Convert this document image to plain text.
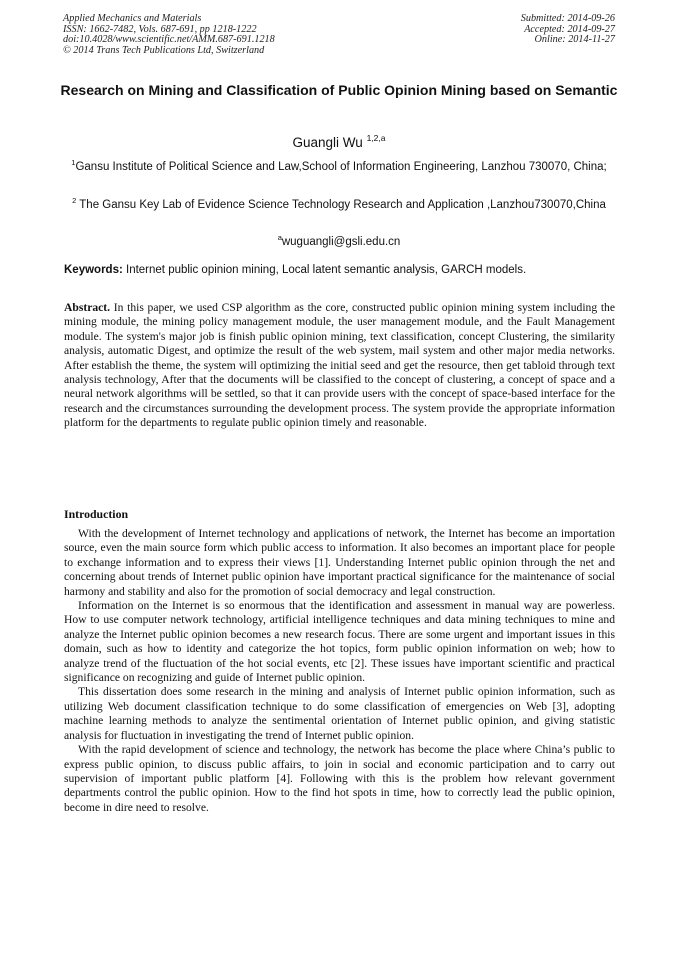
Applied Mechanics and Materials
ISSN: 1662-7482, Vols. 687-691, pp 1218-1222
doi:10.4028/www.scientific.net/AMM.687-691.1218
© 2014 Trans Tech Publications Ltd, Switzerland
Submitted: 2014-09-26
Accepted: 2014-09-27
Online: 2014-11-27
Research on Mining and Classification of Public Opinion Mining based on Semantic
Guangli Wu $^{1,2,a}$
$^1$Gansu Institute of Political Science and Law,School of Information Engineering, Lanzhou 730070, China;
$^2$ The Gansu Key Lab of Evidence Science Technology Research and Application ,Lanzhou730070,China
$^a$wuguangli@gsli.edu.cn
Keywords: Internet public opinion mining, Local latent semantic analysis, GARCH models.
Abstract. In this paper, we used CSP algorithm as the core, constructed public opinion mining system including the mining module, the mining policy management module, the user management module, and the Fault Management module. The system's major job is finish public opinion mining, text classification, concept Clustering, the similarity analysis, automatic Digest, and optimize the result of the web system, mail system and other major media networks. After establish the theme, the system will optimizing the initial seed and get the resource, then get tabloid through text analysis technology, After that the documents will be classified to the concept of clustering, a concept of space and a neural network algorithms will be settled, so that it can provide users with the concept of space-based interface for the research and the circumstances surrounding the development process. The system provide the appropriate information platform for the departments to regulate public opinion timely and reasonable.
Introduction

With the development of Internet technology and applications of network, the Internet has become an importation source, even the main source form which public access to information. It also becomes an important place for people to exchange information and to express their views [1]. Understanding Internet public opinion through the net and concerning about trends of Internet public opinion have important practical significance for the maintenance of social harmony and stability and also for the promotion of social democracy and legal construction.

Information on the Internet is so enormous that the identification and assessment in manual way are powerless. How to use computer network technology, artificial intelligence techniques and data mining techniques to mine and analyze the Internet public opinion becomes a new research focus. There are some urgent and important issues in this domain, such as how to identity and categorize the hot topics, form public opinion information on web; how to analyze trend of the fluctuation of the hot social events, etc [2]. These issues have important scientific and practical significance on recognizing and guide of Internet public opinion.

This dissertation does some research in the mining and analysis of Internet public opinion information, such as utilizing Web document classification technique to do some classification of emergencies on Web [3], adopting machine learning methods to analyze the sentimental orientation of Internet public opinion, and giving statistic analysis for fluctuation in investigating the trend of Internet public opinion.

With the rapid development of science and technology, the network has become the place where China’s public to express public opinion, to discuss public affairs, to join in social and economic participation and to carry out supervision of important public platform [4]. Following with this is the problem how relevant government departments control the public opinion. How to the find hot spots in time, how to correctly lead the public opinion, become in dire need to resolve.
